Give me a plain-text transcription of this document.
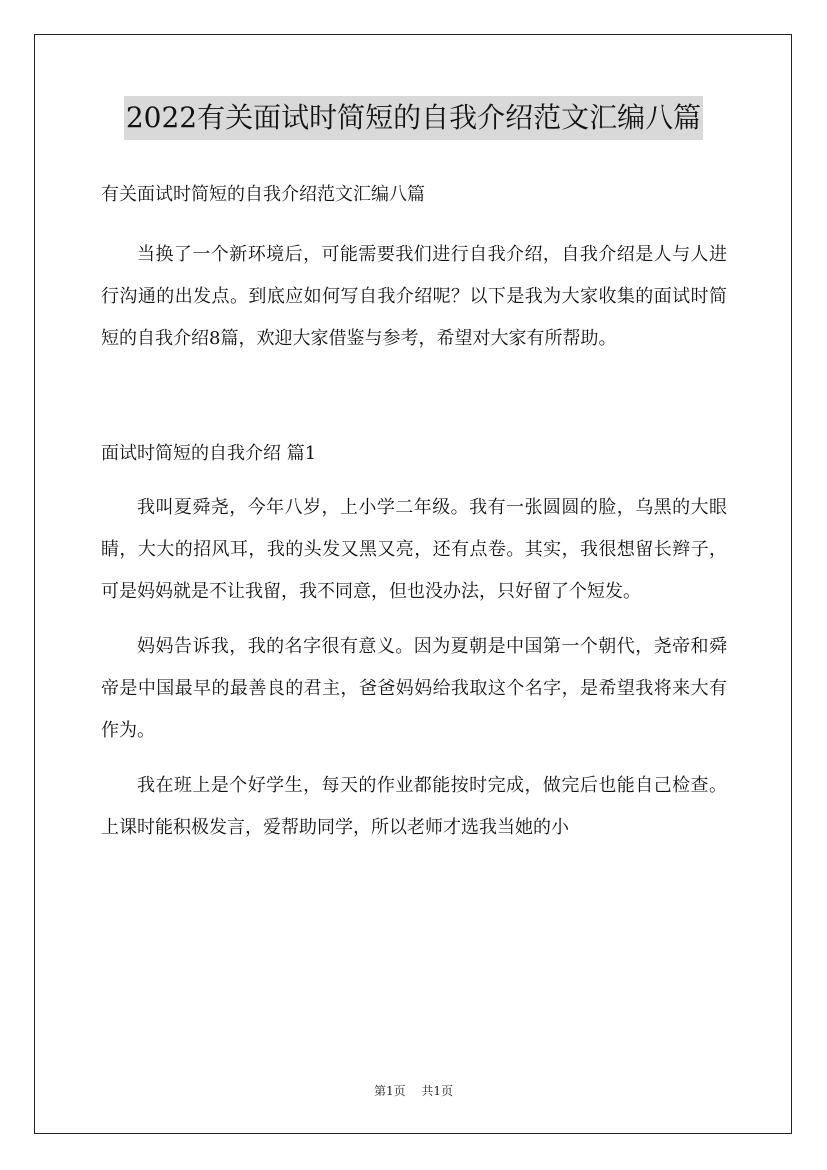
2022有关面试时简短的自我介绍范文汇编八篇

有关面试时简短的自我介绍范文汇编八篇

当换了一个新环境后，可能需要我们进行自我介绍，自我介绍是人与人进行沟通的出发点。到底应如何写自我介绍呢？以下是我为大家收集的面试时简短的自我介绍8篇，欢迎大家借鉴与参考，希望对大家有所帮助。

面试时简短的自我介绍 篇1

我叫夏舜尧，今年八岁，上小学二年级。我有一张圆圆的脸，乌黑的大眼睛，大大的招风耳，我的头发又黑又亮，还有点卷。其实，我很想留长辫子，可是妈妈就是不让我留，我不同意，但也没办法，只好留了个短发。

妈妈告诉我，我的名字很有意义。因为夏朝是中国第一个朝代，尧帝和舜帝是中国最早的最善良的君主，爸爸妈妈给我取这个名字，是希望我将来大有作为。

我在班上是个好学生，每天的作业都能按时完成，做完后也能自己检查。上课时能积极发言，爱帮助同学，所以老师才选我当她的小

第1页 共1页
